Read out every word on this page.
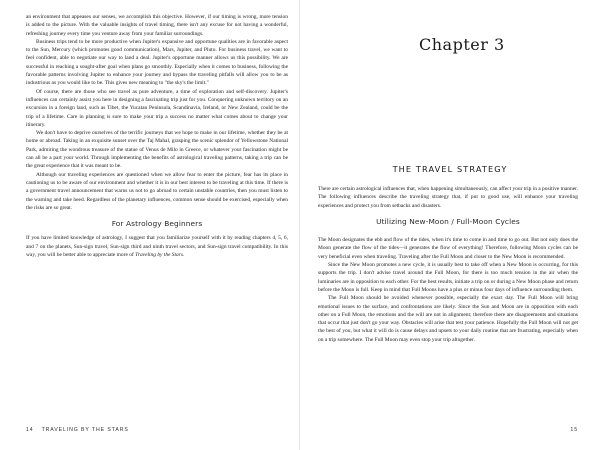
an environment that appeases our senses, we accomplish this objective. However, if our timing is wrong, more tension is added to the picture. With the valuable insights of travel timing, there isn't any excuse for not having a wonderful, refreshing journey every time you venture away from your familiar surroundings.

Business trips tend to be more productive when Jupiter's expansive and opportune qualities are in favorable aspect to the Sun, Mercury (which promotes good communication), Mars, Jupiter, and Pluto. For business travel, we want to feel confident, able to negotiate our way to land a deal. Jupiter's opportune manner allows us this possibility. We are successful in reaching a sought-after goal when plans go smoothly. Especially when it comes to business, following the favorable patterns involving Jupiter to enhance your journey and bypass the traveling pitfalls will allow you to be as industrious as you would like to be. This gives new meaning to "the sky's the limit."

Of course, there are those who see travel as pure adventure, a time of exploration and self-discovery. Jupiter's influences can certainly assist you here in designing a fascinating trip just for you. Conquering unknown territory on an excursion in a foreign land, such as Tibet, the Yucatan Peninsula, Scandinavia, Ireland, or New Zealand, could be the trip of a lifetime. Care in planning is sure to make your trip a success no matter what comes about to change your itinerary.

We don't have to deprive ourselves of the terrific journeys that we hope to make in our lifetime, whether they be at home or abroad. Taking in an exquisite sunset over the Taj Mahal, grasping the scenic splendor of Yellowstone National Park, admiring the wondrous treasure of the statue of Venus de Milo in Greece, or whatever your fascination might be can all be a part your world. Through implementing the benefits of astrological traveling patterns, taking a trip can be the great experience that it was meant to be.

Although our traveling experiences are questioned when we allow fear to enter the picture, fear has its place in cautioning us to be aware of our environment and whether it is in our best interest to be traveling at this time. If there is a government travel announcement that warns us not to go abroad to certain unstable countries, then you must listen to the warning and take heed. Regardless of the planetary influences, common sense should be exercised, especially when the risks are so great.

For Astrology Beginners

If you have limited knowledge of astrology, I suggest that you familiarize yourself with it by reading chapters 4, 5, 6, and 7 on the planets, Sun-sign travel, Sun-sign third and ninth travel sectors, and Sun-sign travel compatibility. In this way, you will be better able to appreciate more of Traveling by the Stars.

14 TRAVELING BY THE STARS
Chapter 3
THE TRAVEL STRATEGY

There are certain astrological influences that, when happening simultaneously, can affect your trip in a positive manner. The following influences describe the traveling strategy that, if put to good use, will enhance your traveling experiences and protect you from setbacks and disasters.

Utilizing New-Moon / Full-Moon Cycles

The Moon designates the ebb and flow of the tides, when it's time to come in and time to go out. But not only does the Moon generate the flow of the tides—it generates the flow of everything! Therefore, following Moon cycles can be very beneficial even when traveling. Traveling after the Full Moon and closer to the New Moon is recommended.

Since the New Moon promotes a new cycle, it is usually best to take off when a New Moon is occurring, for this supports the trip. I don't advise travel around the Full Moon, for there is too much tension in the air when the luminaries are in opposition to each other. For the best results, initiate a trip on or during a New Moon phase and return before the Moon is full. Keep in mind that Full Moons have a plus or minus four days of influence surrounding them.

The Full Moon should be avoided whenever possible, especially the exact day. The Full Moon will bring emotional issues to the surface, and confrontations are likely. Since the Sun and Moon are in opposition with each other on a Full Moon, the emotions and the will are not in alignment; therefore there are disagreements and situations that occur that just don't go your way. Obstacles will arise that test your patience. Hopefully the Full Moon will not get the best of you, but what it will do is cause delays and upsets to your daily routine that are frustrating, especially when on a trip somewhere. The Full Moon may even stop your trip altogether.

15
